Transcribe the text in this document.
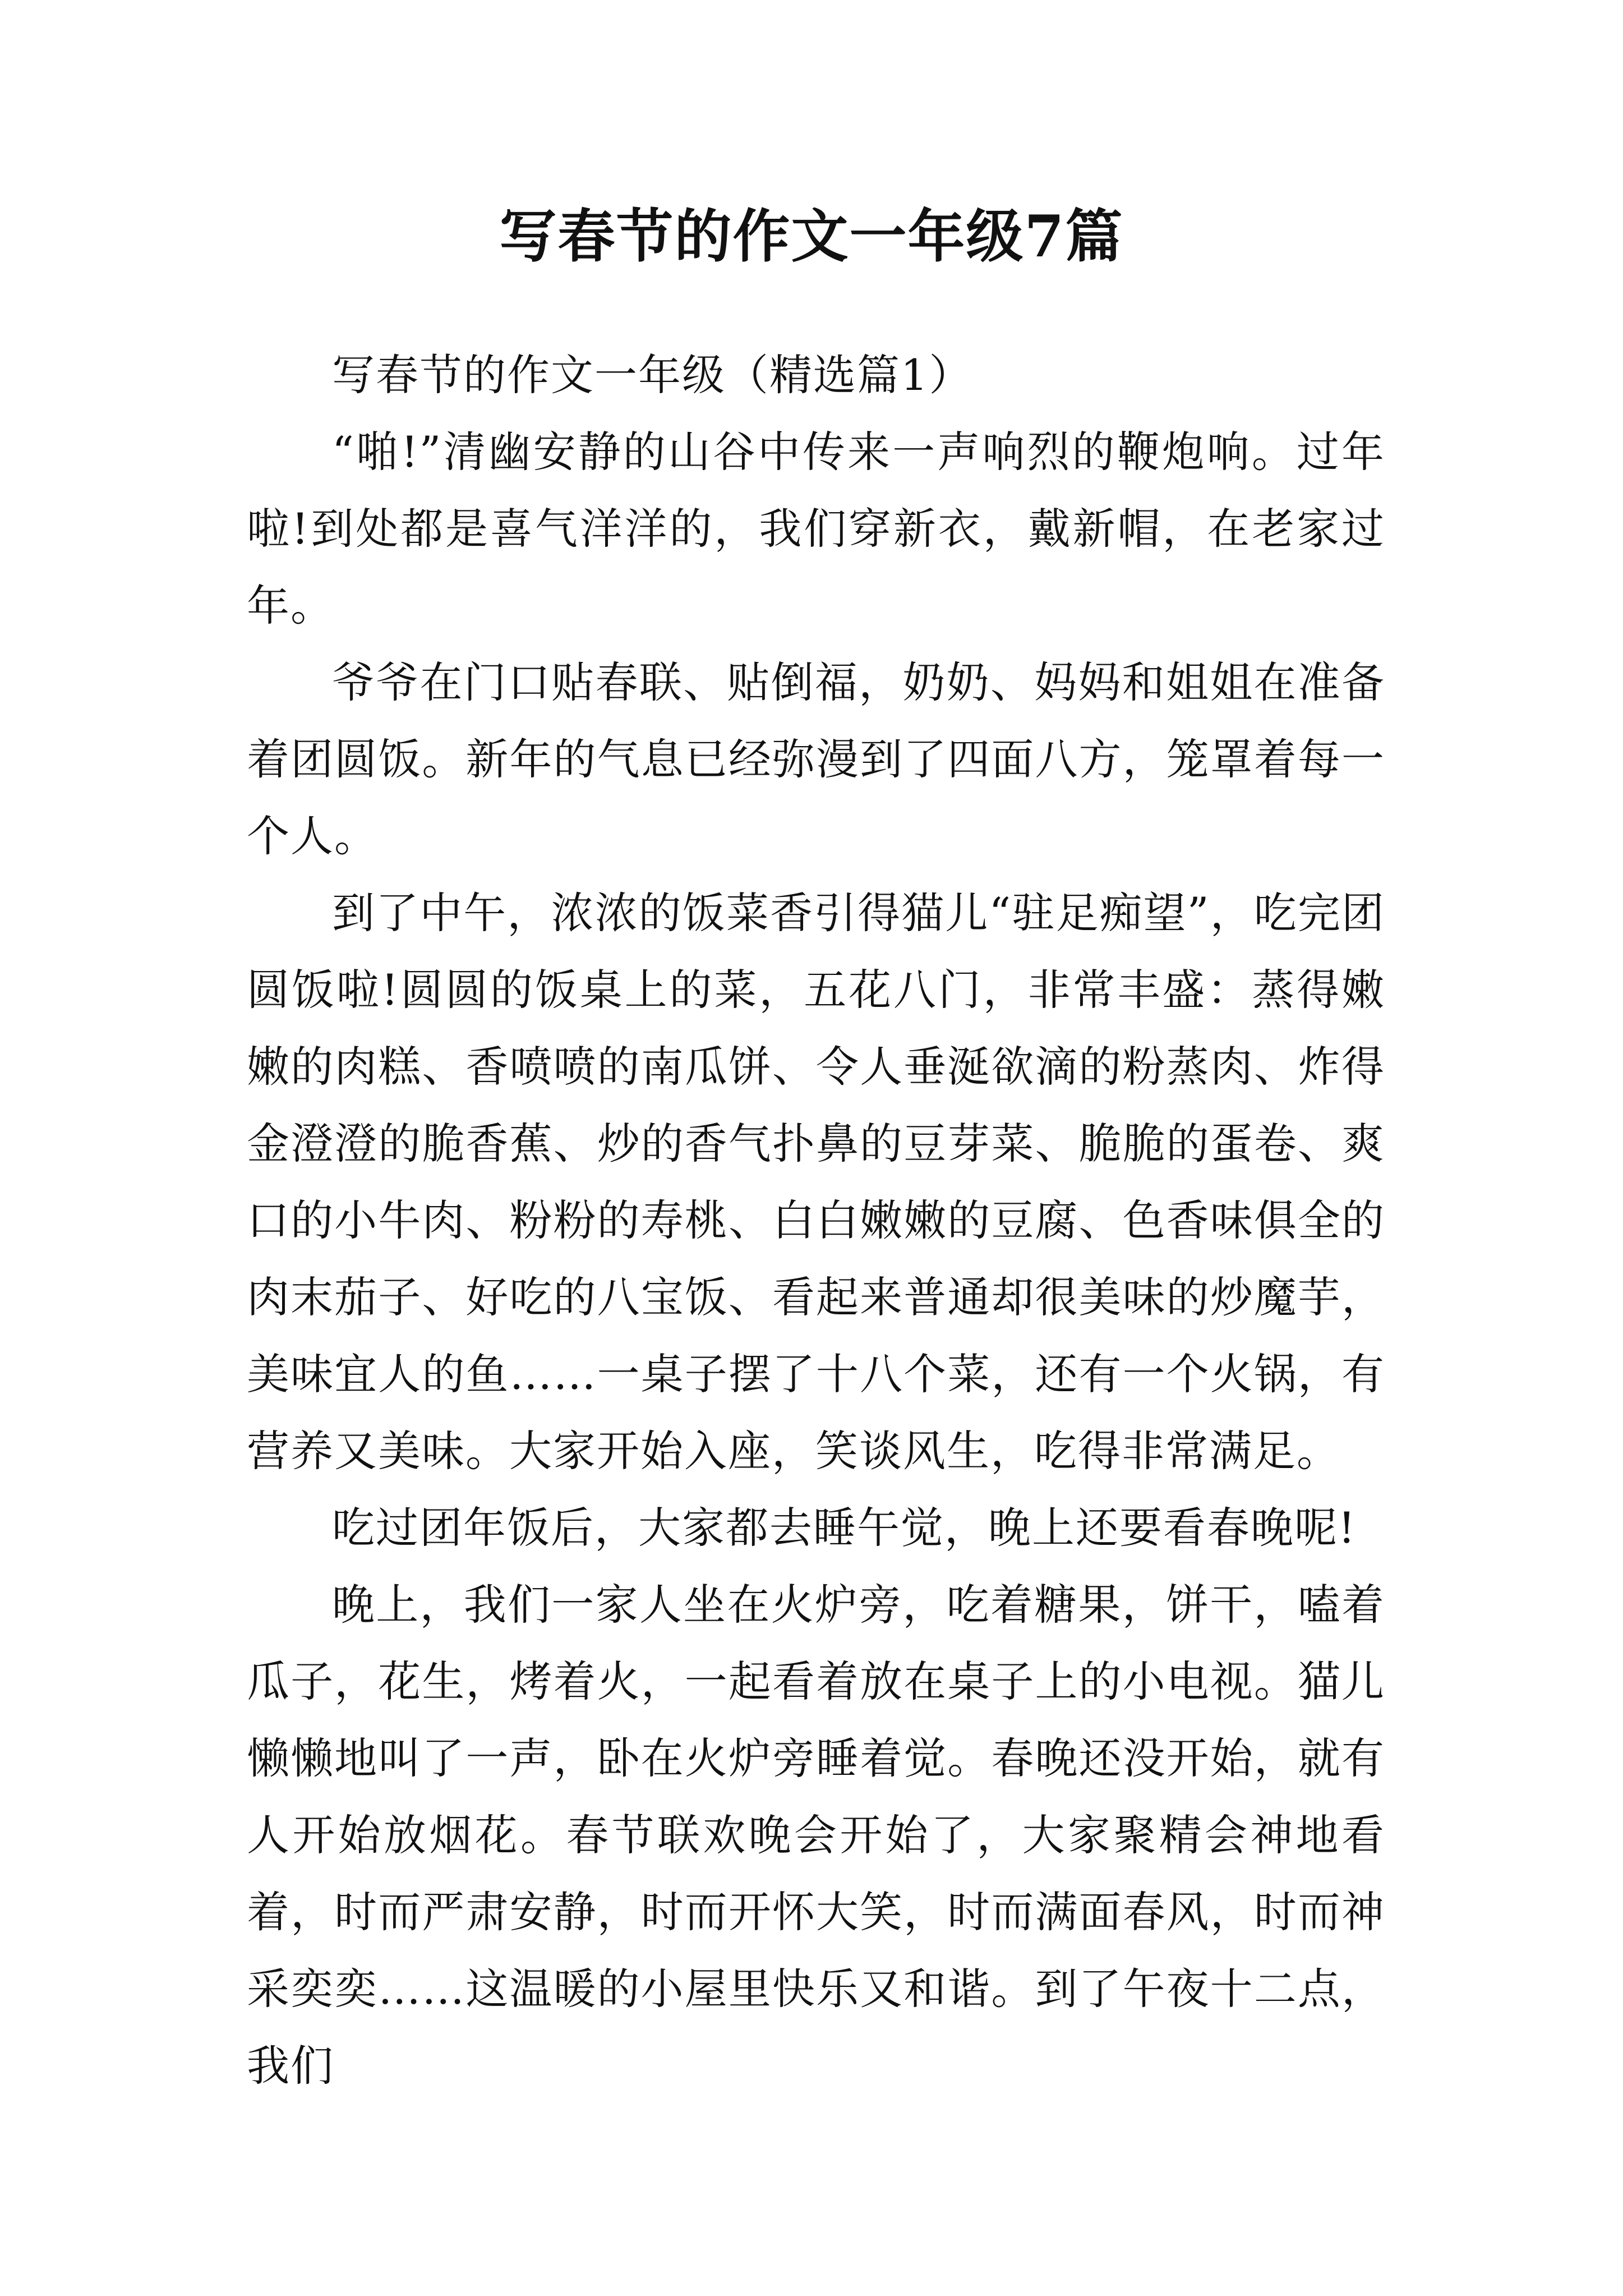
写春节的作文一年级7篇

写春节的作文一年级（精选篇1）

“啪!”清幽安静的山谷中传来一声响烈的鞭炮响。过年啦!到处都是喜气洋洋的，我们穿新衣，戴新帽，在老家过年。

爷爷在门口贴春联、贴倒福，奶奶、妈妈和姐姐在准备着团圆饭。新年的气息已经弥漫到了四面八方，笼罩着每一个人。

到了中午，浓浓的饭菜香引得猫儿“驻足痴望”，吃完团圆饭啦!圆圆的饭桌上的菜，五花八门，非常丰盛：蒸得嫩嫩的肉糕、香喷喷的南瓜饼、令人垂涎欲滴的粉蒸肉、炸得金澄澄的脆香蕉、炒的香气扑鼻的豆芽菜、脆脆的蛋卷、爽口的小牛肉、粉粉的寿桃、白白嫩嫩的豆腐、色香味俱全的肉末茄子、好吃的八宝饭、看起来普通却很美味的炒魔芋，美味宜人的鱼……一桌子摆了十八个菜，还有一个火锅，有营养又美味。大家开始入座，笑谈风生，吃得非常满足。

吃过团年饭后，大家都去睡午觉，晚上还要看春晚呢!

晚上，我们一家人坐在火炉旁，吃着糖果，饼干，嗑着瓜子，花生，烤着火，一起看着放在桌子上的小电视。猫儿懒懒地叫了一声，卧在火炉旁睡着觉。春晚还没开始，就有人开始放烟花。春节联欢晚会开始了，大家聚精会神地看着，时而严肃安静，时而开怀大笑，时而满面春风，时而神采奕奕……这温暖的小屋里快乐又和谐。到了午夜十二点，我们
